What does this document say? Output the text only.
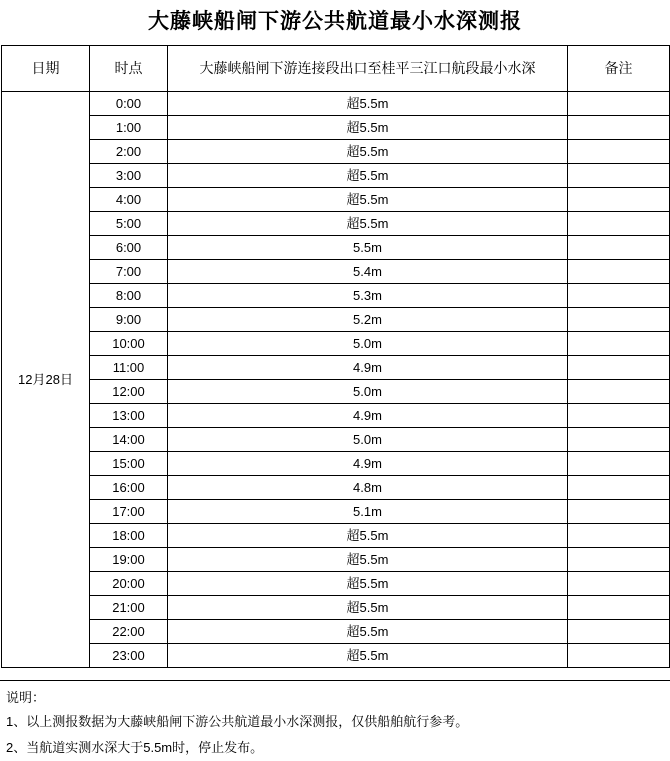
大藤峡船闸下游公共航道最小水深测报
日期	时点	大藤峡船闸下游连接段出口至桂平三江口航段最小水深	备注
12月28日	0:00	超5.5m	
	1:00	超5.5m	
	2:00	超5.5m	
	3:00	超5.5m	
	4:00	超5.5m	
	5:00	超5.5m	
	6:00	5.5m	
	7:00	5.4m	
	8:00	5.3m	
	9:00	5.2m	
	10:00	5.0m	
	11:00	4.9m	
	12:00	5.0m	
	13:00	4.9m	
	14:00	5.0m	
	15:00	4.9m	
	16:00	4.8m	
	17:00	5.1m	
	18:00	超5.5m	
	19:00	超5.5m	
	20:00	超5.5m	
	21:00	超5.5m	
	22:00	超5.5m	
	23:00	超5.5m	
说明：
1、以上测报数据为大藤峡船闸下游公共航道最小水深测报，仅供船舶航行参考。
2、当航道实测水深大于5.5m时，停止发布。
